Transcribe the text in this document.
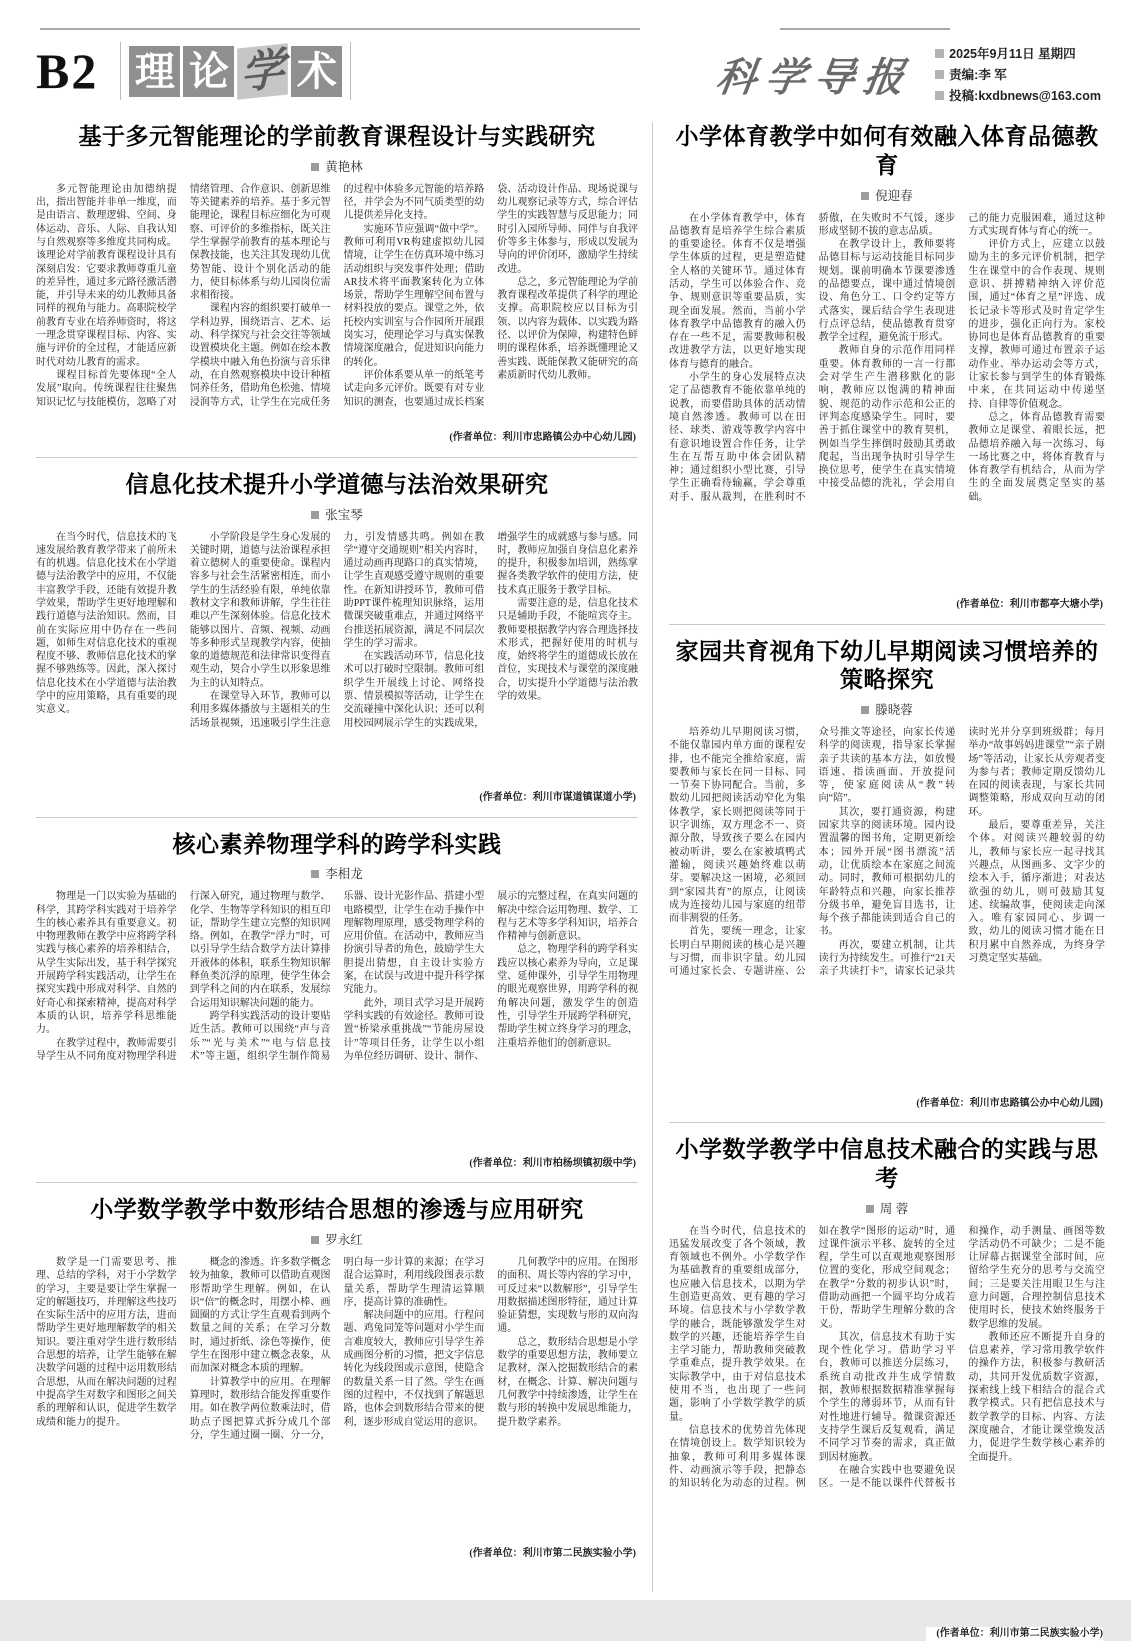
B2 理 论 学 术	科学导报	2025年9月11日 星期四
责编:李 军
投稿:kxdbnews@163.com
基于多元智能理论的学前教育课程设计与实践研究
黄艳林

多元智能理论由加德纳提出，指出智能并非单一维度，而是由语言、数理逻辑、空间、身体运动、音乐、人际、自我认知与自然观察等多维度共同构成。该理论对学前教育课程设计具有深刻启发：它要求教师尊重儿童的差异性，通过多元路径激活潜能，并引导未来的幼儿教师具备同样的视角与能力。高职院校学前教育专业在培养师资时，将这一理念贯穿课程目标、内容、实施与评价的全过程，才能适应新时代对幼儿教育的需求。

课程目标首先要体现“全人发展”取向。传统课程往往聚焦知识记忆与技能模仿，忽略了对情绪管理、合作意识、创新思维等关键素养的培养。基于多元智能理论，课程目标应细化为可观察、可评价的多维指标，既关注学生掌握学前教育的基本理论与保教技能，也关注其发现幼儿优势智能、设计个别化活动的能力，使目标体系与幼儿园岗位需求相衔接。

课程内容的组织要打破单一学科边界，围绕语言、艺术、运动、科学探究与社会交往等领域设置模块化主题。例如在绘本教学模块中融入角色扮演与音乐律动，在自然观察模块中设计种植饲养任务，借助角色松弛、情境浸润等方式，让学生在完成任务的过程中体验多元智能的培养路径，并学会为不同气质类型的幼儿提供差异化支持。

实施环节应强调“做中学”。教师可利用VR构建虚拟幼儿园情境，让学生在仿真环境中练习活动组织与突发事件处理；借助AR技术将平面教案转化为立体场景，帮助学生理解空间布置与材料投放的要点。课堂之外，依托校内实训室与合作园所开展跟岗实习，使理论学习与真实保教情境深度融合，促进知识向能力的转化。

评价体系要从单一的纸笔考试走向多元评价。既要有对专业知识的测查，也要通过成长档案袋、活动设计作品、现场说课与幼儿观察记录等方式，综合评估学生的实践智慧与反思能力；同时引入园所导师、同伴与自我评价等多主体参与，形成以发展为导向的评价闭环，激励学生持续改进。

总之，多元智能理论为学前教育课程改革提供了科学的理论支撑。高职院校应以目标为引领、以内容为载体、以实践为路径、以评价为保障，构建特色鲜明的课程体系，培养既懂理论又善实践、既能保教又能研究的高素质新时代幼儿教师。

(作者单位：利川市忠路镇公办中心幼儿园)
信息化技术提升小学道德与法治效果研究
张宝琴

在当今时代，信息技术的飞速发展给教育教学带来了前所未有的机遇。信息化技术在小学道德与法治教学中的应用，不仅能丰富教学手段，还能有效提升教学效果，帮助学生更好地理解和践行道德与法治知识。然而，目前在实际应用中仍存在一些问题，如师生对信息化技术的重视程度不够、教师信息化技术的掌握不够熟练等。因此，深入探讨信息化技术在小学道德与法治教学中的应用策略，具有重要的现实意义。

小学阶段是学生身心发展的关键时期，道德与法治课程承担着立德树人的重要使命。课程内容多与社会生活紧密相连，而小学生的生活经验有限，单纯依靠教材文字和教师讲解，学生往往难以产生深刻体验。信息化技术能够以图片、音频、视频、动画等多种形式呈现教学内容，使抽象的道德规范和法律常识变得直观生动，契合小学生以形象思维为主的认知特点。

在课堂导入环节，教师可以利用多媒体播放与主题相关的生活场景视频，迅速吸引学生注意力，引发情感共鸣。例如在教学“遵守交通规则”相关内容时，通过动画再现路口的真实情境，让学生直观感受遵守规则的重要性。在新知讲授环节，教师可借助PPT课件梳理知识脉络，运用微课突破重难点，并通过网络平台推送拓展资源，满足不同层次学生的学习需求。

在实践活动环节，信息化技术可以打破时空限制。教师可组织学生开展线上讨论、网络投票、情景模拟等活动，让学生在交流碰撞中深化认识；还可以利用校园网展示学生的实践成果，增强学生的成就感与参与感。同时，教师应加强自身信息化素养的提升，积极参加培训，熟练掌握各类教学软件的使用方法，使技术真正服务于教学目标。

需要注意的是，信息化技术只是辅助手段，不能喧宾夺主。教师要根据教学内容合理选择技术形式，把握好使用的时机与度，始终将学生的道德成长放在首位，实现技术与课堂的深度融合，切实提升小学道德与法治教学的效果。

(作者单位：利川市谋道镇谋道小学)
核心素养物理学科的跨学科实践
李相龙

物理是一门以实验为基础的科学，其跨学科实践对于培养学生的核心素养具有重要意义。初中物理教师在教学中应将跨学科实践与核心素养的培养相结合，从学生实际出发，基于科学探究开展跨学科实践活动，让学生在探究实践中形成对科学、自然的好奇心和探索精神，提高对科学本质的认识，培养学科思维能力。

在教学过程中，教师需要引导学生从不同角度对物理学科进行深入研究，通过物理与数学、化学、生物等学科知识的相互印证，帮助学生建立完整的知识网络。例如，在教学“浮力”时，可以引导学生结合数学方法计算排开液体的体积，联系生物知识解释鱼类沉浮的原理，使学生体会到学科之间的内在联系，发展综合运用知识解决问题的能力。

跨学科实践活动的设计要贴近生活。教师可以围绕“声与音乐”“光与美术”“电与信息技术”等主题，组织学生制作简易乐器、设计光影作品、搭建小型电路模型，让学生在动手操作中理解物理原理，感受物理学科的应用价值。在活动中，教师应当扮演引导者的角色，鼓励学生大胆提出猜想，自主设计实验方案，在试误与改进中提升科学探究能力。

此外，项目式学习是开展跨学科实践的有效途径。教师可设置“桥梁承重挑战”“节能房屋设计”等项目任务，让学生以小组为单位经历调研、设计、制作、展示的完整过程，在真实问题的解决中综合运用物理、数学、工程与艺术等多学科知识，培养合作精神与创新意识。

总之，物理学科的跨学科实践应以核心素养为导向，立足课堂、延伸课外，引导学生用物理的眼光观察世界，用跨学科的视角解决问题，激发学生的创造性，引导学生开展跨学科研究，帮助学生树立终身学习的理念，注重培养他们的创新意识。

(作者单位：利川市柏杨坝镇初级中学)
小学数学教学中数形结合思想的渗透与应用研究
罗永红

数学是一门需要思考、推理、总结的学科，对于小学数学的学习，主要是要让学生掌握一定的解题技巧，并理解这些技巧在实际生活中的应用方法，进而帮助学生更好地理解数学的相关知识。要注重对学生进行数形结合思想的培养，让学生能够在解决数学问题的过程中运用数形结合思想，从而在解决问题的过程中提高学生对数字和图形之间关系的理解和认识，促进学生数学成绩和能力的提升。

概念的渗透。许多数学概念较为抽象，教师可以借助直观图形帮助学生理解。例如，在认识“倍”的概念时，用摆小棒、画圆圈的方式让学生直观看到两个数量之间的关系；在学习分数时，通过折纸、涂色等操作，使学生在图形中建立概念表象，从而加深对概念本质的理解。

计算教学中的应用。在理解算理时，数形结合能发挥重要作用。如在教学两位数乘法时，借助点子图把算式拆分成几个部分，学生通过圈一圈、分一分，明白每一步计算的来源；在学习混合运算时，利用线段图表示数量关系，帮助学生理清运算顺序，提高计算的准确性。

解决问题中的应用。行程问题、鸡兔同笼等问题对小学生而言难度较大，教师应引导学生养成画图分析的习惯，把文字信息转化为线段图或示意图，使隐含的数量关系一目了然。学生在画图的过程中，不仅找到了解题思路，也体会到数形结合带来的便利，逐步形成自觉运用的意识。

几何教学中的应用。在图形的面积、周长等内容的学习中，可反过来“以数解形”，引导学生用数据描述图形特征，通过计算验证猜想，实现数与形的双向沟通。

总之，数形结合思想是小学数学的重要思想方法，教师要立足教材，深入挖掘数形结合的素材，在概念、计算、解决问题与几何教学中持续渗透，让学生在数与形的转换中发展思维能力，提升数学素养。

(作者单位：利川市第二民族实验小学)
小学体育教学中如何有效融入体育品德教育
倪迎春

在小学体育教学中，体育品德教育是培养学生综合素质的重要途径。体育不仅是增强学生体质的过程，更是塑造健全人格的关键环节。通过体育活动，学生可以体验合作、竞争、规则意识等重要品质，实现全面发展。然而，当前小学体育教学中品德教育的融入仍存在一些不足，需要教师积极改进教学方法，以更好地实现体育与德育的融合。

小学生的身心发展特点决定了品德教育不能依靠单纯的说教，而要借助具体的活动情境自然渗透。教师可以在田径、球类、游戏等教学内容中有意识地设置合作任务，让学生在互帮互助中体会团队精神；通过组织小型比赛，引导学生正确看待输赢，学会尊重对手、服从裁判，在胜利时不骄傲，在失败时不气馁，逐步形成坚韧不拔的意志品质。

在教学设计上，教师要将品德目标与运动技能目标同步规划。课前明确本节课要渗透的品德要点，课中通过情境创设、角色分工、口令约定等方式落实，课后结合学生表现进行点评总结，使品德教育贯穿教学全过程，避免流于形式。

教师自身的示范作用同样重要。体育教师的一言一行都会对学生产生潜移默化的影响，教师应以饱满的精神面貌、规范的动作示范和公正的评判态度感染学生。同时，要善于抓住课堂中的教育契机，例如当学生摔倒时鼓励其勇敢爬起，当出现争执时引导学生换位思考，使学生在真实情境中接受品德的洗礼，学会用自己的能力克服困难，通过这种方式实现育体与育心的统一。

评价方式上，应建立以鼓励为主的多元评价机制，把学生在课堂中的合作表现、规则意识、拼搏精神纳入评价范围，通过“体育之星”评选、成长记录卡等形式及时肯定学生的进步，强化正向行为。家校协同也是体育品德教育的重要支撑，教师可通过布置亲子运动作业、举办运动会等方式，让家长参与到学生的体育锻炼中来，在共同运动中传递坚持、自律等价值观念。

总之，体育品德教育需要教师立足课堂、着眼长远，把品德培养融入每一次练习、每一场比赛之中，将体育教育与体育教学有机结合，从而为学生的全面发展奠定坚实的基础。

(作者单位：利川市都亭大塘小学)
家园共育视角下幼儿早期阅读习惯培养的策略探究
滕晓蓉

培养幼儿早期阅读习惯，不能仅靠园内单方面的课程安排，也不能完全推给家庭，需要教师与家长在同一目标、同一节奏下协同配合。当前，多数幼儿园把阅读活动窄化为集体教学，家长则把阅读等同于识字训练，双方理念不一、资源分散，导致孩子要么在园内被动听讲，要么在家被填鸭式灌输，阅读兴趣始终难以萌芽。要解决这一困境，必须回到“家园共育”的原点，让阅读成为连接幼儿园与家庭的纽带而非割裂的任务。

首先，要统一理念，让家长明白早期阅读的核心是兴趣与习惯，而非识字量。幼儿园可通过家长会、专题讲座、公众号推文等途径，向家长传递科学的阅读观，指导家长掌握亲子共读的基本方法，如放慢语速、指读画面、开放提问等，使家庭阅读从“教”转向“陪”。

其次，要打通资源，构建园家共享的阅读环境。园内设置温馨的图书角，定期更新绘本；园外开展“图书漂流”活动，让优质绘本在家庭之间流动。同时，教师可根据幼儿的年龄特点和兴趣，向家长推荐分级书单，避免盲目选书，让每个孩子都能读到适合自己的书。

再次，要建立机制，让共读行为持续发生。可推行“21天亲子共读打卡”，请家长记录共读时光并分享到班级群；每月举办“故事妈妈进课堂”“亲子剧场”等活动，让家长从旁观者变为参与者；教师定期反馈幼儿在园的阅读表现，与家长共同调整策略，形成双向互动的闭环。

最后，要尊重差异，关注个体。对阅读兴趣较弱的幼儿，教师与家长应一起寻找其兴趣点，从图画多、文字少的绘本入手，循序渐进；对表达欲强的幼儿，则可鼓励其复述、续编故事，使阅读走向深入。唯有家园同心、步调一致，幼儿的阅读习惯才能在日积月累中自然养成，为终身学习奠定坚实基础。

(作者单位：利川市忠路镇公办中心幼儿园)
小学数学教学中信息技术融合的实践与思考
周 蓉

在当今时代，信息技术的迅猛发展改变了各个领域，教育领域也不例外。小学数学作为基础教育的重要组成部分，也应融入信息技术，以期为学生创造更高效、更有趣的学习环境。信息技术与小学数学教学的融合，既能够激发学生对数学的兴趣，还能培养学生自主学习能力，帮助教师突破教学重难点，提升教学效果。在实际教学中，由于对信息技术使用不当，也出现了一些问题，影响了小学数学教学的质量。

信息技术的优势首先体现在情境创设上。数学知识较为抽象，教师可利用多媒体课件、动画演示等手段，把静态的知识转化为动态的过程。例如在教学“图形的运动”时，通过课件演示平移、旋转的全过程，学生可以直观地观察图形位置的变化，形成空间观念；在教学“分数的初步认识”时，借助动画把一个圆平均分成若干份，帮助学生理解分数的含义。

其次，信息技术有助于实现个性化学习。借助学习平台，教师可以推送分层练习，系统自动批改并生成学情数据，教师根据数据精准掌握每个学生的薄弱环节，从而有针对性地进行辅导。微课资源还支持学生课后反复观看，满足不同学习节奏的需求，真正做到因材施教。

在融合实践中也要避免误区。一是不能以课件代替板书和操作，动手测量、画图等数学活动仍不可缺少；二是不能让屏幕占据课堂全部时间，应留给学生充分的思考与交流空间；三是要关注用眼卫生与注意力问题，合理控制信息技术使用时长，使技术始终服务于数学思维的发展。

教师还应不断提升自身的信息素养，学习常用教学软件的操作方法，积极参与教研活动，共同开发优质数字资源，探索线上线下相结合的混合式教学模式。只有把信息技术与数学教学的目标、内容、方法深度融合，才能让课堂焕发活力，促进学生数学核心素养的全面提升。

(作者单位：利川市第二民族实验小学)
